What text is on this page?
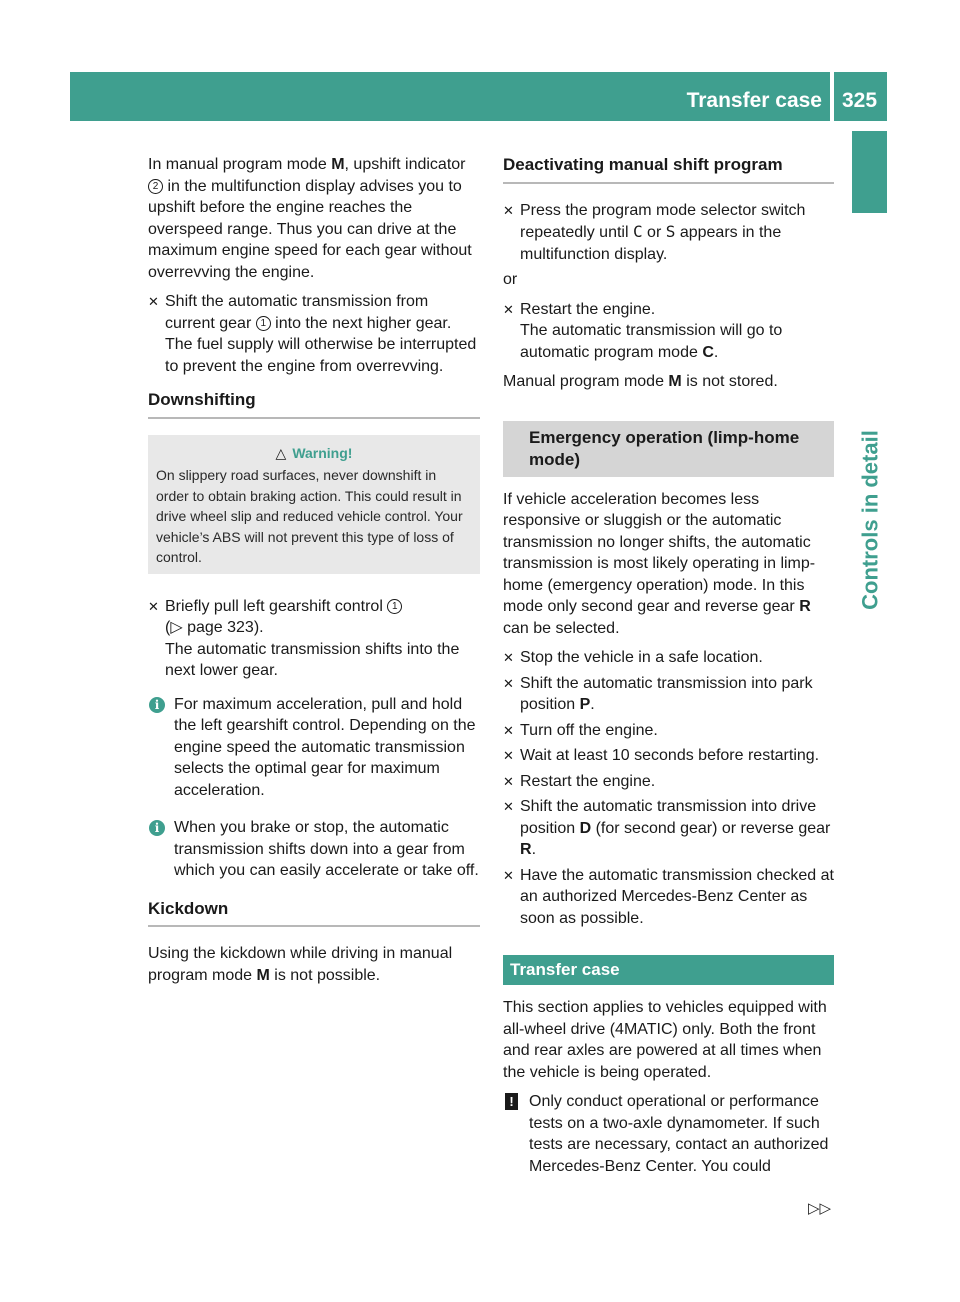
Transfer case 325
Controls in detail

In manual program mode M, upshift indicator 2 in the multifunction display advises you to upshift before the engine reaches the overspeed range. Thus you can drive at the maximum engine speed for each gear without overrevving the engine.

✕ Shift the automatic transmission from current gear 1 into the next higher gear.
The fuel supply will otherwise be interrupted to prevent the engine from overrevving.
Downshifting
△ Warning!
On slippery road surfaces, never downshift in order to obtain braking action. This could result in drive wheel slip and reduced vehicle control. Your vehicle’s ABS will not prevent this type of loss of control.
✕ Briefly pull left gearshift control 1
(▷ page 323).
The automatic transmission shifts into the next lower gear.
i For maximum acceleration, pull and hold the left gearshift control. Depending on the engine speed the automatic transmission selects the optimal gear for maximum acceleration.
i When you brake or stop, the automatic transmission shifts down into a gear from which you can easily accelerate or take off.
Kickdown

Using the kickdown while driving in manual program mode M is not possible.

Deactivating manual shift program
✕ Press the program mode selector switch repeatedly until C or S appears in the multifunction display.

or

✕ Restart the engine.
The automatic transmission will go to automatic program mode C.

Manual program mode M is not stored.

Emergency operation (limp-home mode)

If vehicle acceleration becomes less responsive or sluggish or the automatic transmission no longer shifts, the automatic transmission is most likely operating in limp-home (emergency operation) mode. In this mode only second gear and reverse gear R can be selected.

✕ Stop the vehicle in a safe location.
✕ Shift the automatic transmission into park position P.
✕ Turn off the engine.
✕ Wait at least 10 seconds before restarting.
✕ Restart the engine.
✕ Shift the automatic transmission into drive position D (for second gear) or reverse gear R.
✕ Have the automatic transmission checked at an authorized Mercedes-Benz Center as soon as possible.
Transfer case

This section applies to vehicles equipped with all-wheel drive (4MATIC) only. Both the front and rear axles are powered at all times when the vehicle is being operated.

! Only conduct operational or performance tests on a two-axle dynamometer. If such tests are necessary, contact an authorized Mercedes-Benz Center. You could
▷▷
